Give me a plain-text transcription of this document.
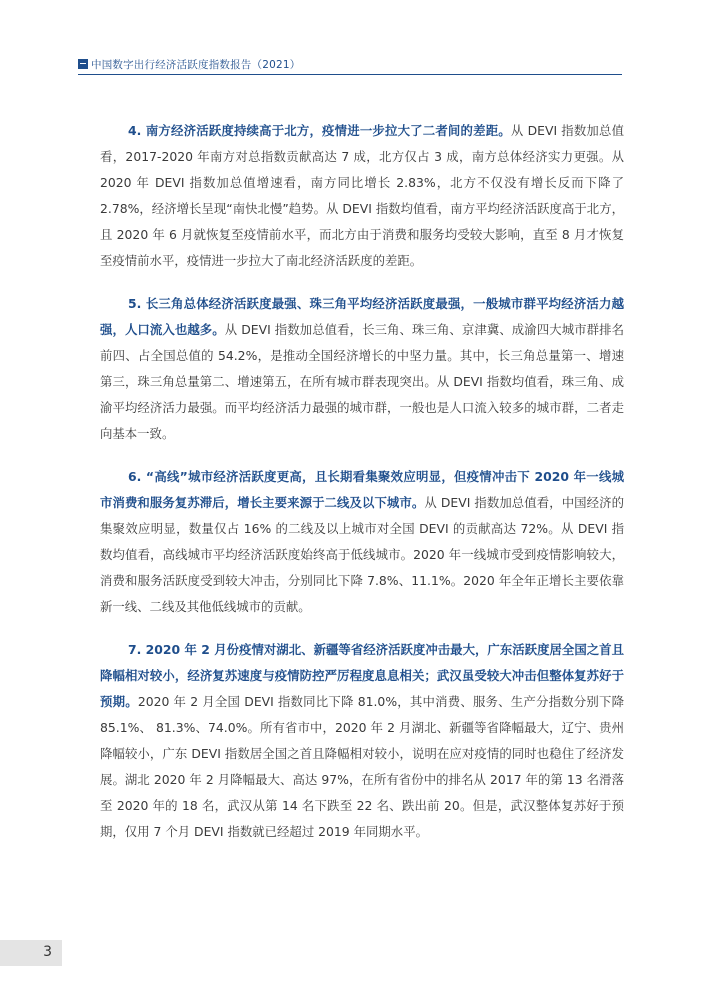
中国数字出行经济活跃度指数报告（2021）

4. 南方经济活跃度持续高于北方，疫情进一步拉大了二者间的差距。从 DEVI 指数加总值看，2017-2020 年南方对总指数贡献高达 7 成，北方仅占 3 成，南方总体经济实力更强。从 2020 年 DEVI 指数加总值增速看，南方同比增长 2.83%，北方不仅没有增长反而下降了 2.78%，经济增长呈现“南快北慢”趋势。从 DEVI 指数均值看，南方平均经济活跃度高于北方，且 2020 年 6 月就恢复至疫情前水平，而北方由于消费和服务均受较大影响，直至 8 月才恢复至疫情前水平，疫情进一步拉大了南北经济活跃度的差距。

5. 长三角总体经济活跃度最强、珠三角平均经济活跃度最强，一般城市群平均经济活力越强，人口流入也越多。从 DEVI 指数加总值看，长三角、珠三角、京津冀、成渝四大城市群排名前四、占全国总值的 54.2%，是推动全国经济增长的中坚力量。其中，长三角总量第一、增速第三，珠三角总量第二、增速第五，在所有城市群表现突出。从 DEVI 指数均值看，珠三角、成渝平均经济活力最强。而平均经济活力最强的城市群，一般也是人口流入较多的城市群，二者走向基本一致。

6. “高线”城市经济活跃度更高，且长期看集聚效应明显，但疫情冲击下 2020 年一线城市消费和服务复苏滞后，增长主要来源于二线及以下城市。从 DEVI 指数加总值看，中国经济的集聚效应明显，数量仅占 16% 的二线及以上城市对全国 DEVI 的贡献高达 72%。从 DEVI 指数均值看，高线城市平均经济活跃度始终高于低线城市。2020 年一线城市受到疫情影响较大，消费和服务活跃度受到较大冲击，分别同比下降 7.8%、11.1%。2020 年全年正增长主要依靠新一线、二线及其他低线城市的贡献。

7. 2020 年 2 月份疫情对湖北、新疆等省经济活跃度冲击最大，广东活跃度居全国之首且降幅相对较小，经济复苏速度与疫情防控严厉程度息息相关；武汉虽受较大冲击但整体复苏好于预期。2020 年 2 月全国 DEVI 指数同比下降 81.0%，其中消费、服务、生产分指数分别下降 85.1%、 81.3%、74.0%。所有省市中，2020 年 2 月湖北、新疆等省降幅最大，辽宁、贵州降幅较小，广东 DEVI 指数居全国之首且降幅相对较小，说明在应对疫情的同时也稳住了经济发展。湖北 2020 年 2 月降幅最大、高达 97%，在所有省份中的排名从 2017 年的第 13 名滑落至 2020 年的 18 名，武汉从第 14 名下跌至 22 名、跌出前 20。但是，武汉整体复苏好于预期，仅用 7 个月 DEVI 指数就已经超过 2019 年同期水平。

3
